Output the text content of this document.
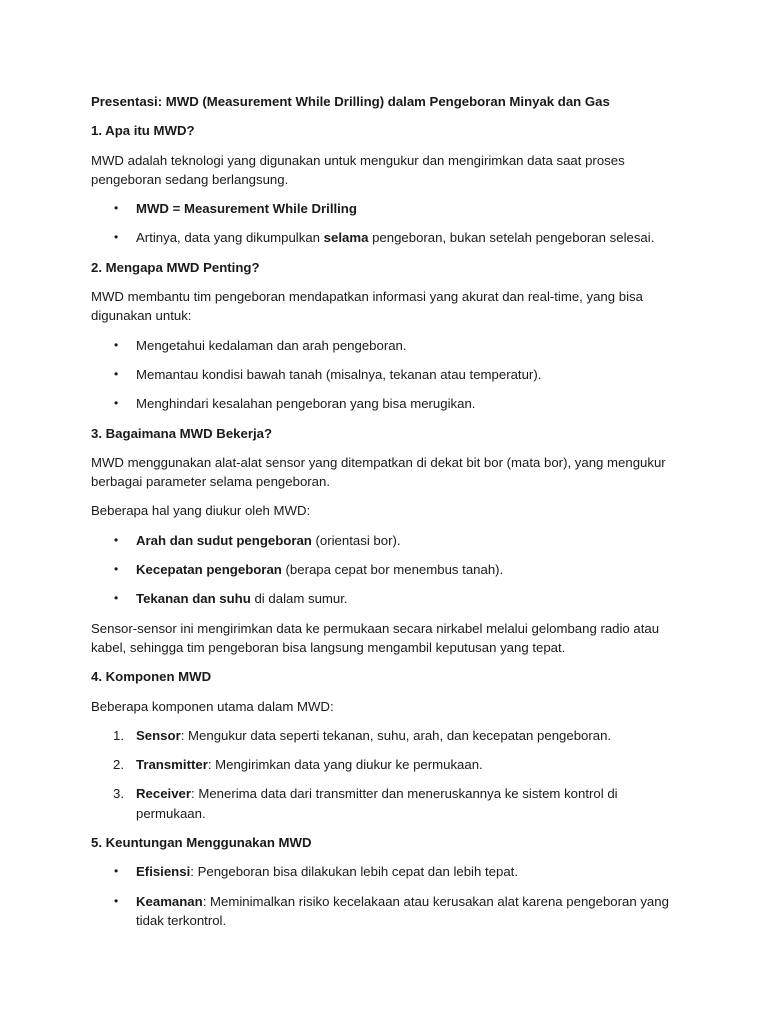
Presentasi: MWD (Measurement While Drilling) dalam Pengeboran Minyak dan Gas
1. Apa itu MWD?

MWD adalah teknologi yang digunakan untuk mengukur dan mengirimkan data saat proses pengeboran sedang berlangsung.

• MWD = Measurement While Drilling
• Artinya, data yang dikumpulkan selama pengeboran, bukan setelah pengeboran selesai.
2. Mengapa MWD Penting?

MWD membantu tim pengeboran mendapatkan informasi yang akurat dan real-time, yang bisa digunakan untuk:

• Mengetahui kedalaman dan arah pengeboran.
• Memantau kondisi bawah tanah (misalnya, tekanan atau temperatur).
• Menghindari kesalahan pengeboran yang bisa merugikan.
3. Bagaimana MWD Bekerja?

MWD menggunakan alat-alat sensor yang ditempatkan di dekat bit bor (mata bor), yang mengukur berbagai parameter selama pengeboran.

Beberapa hal yang diukur oleh MWD:

• Arah dan sudut pengeboran (orientasi bor).
• Kecepatan pengeboran (berapa cepat bor menembus tanah).
• Tekanan dan suhu di dalam sumur.

Sensor-sensor ini mengirimkan data ke permukaan secara nirkabel melalui gelombang radio atau kabel, sehingga tim pengeboran bisa langsung mengambil keputusan yang tepat.

4. Komponen MWD

Beberapa komponen utama dalam MWD:

1. Sensor: Mengukur data seperti tekanan, suhu, arah, dan kecepatan pengeboran.
2. Transmitter: Mengirimkan data yang diukur ke permukaan.
3. Receiver: Menerima data dari transmitter dan meneruskannya ke sistem kontrol di permukaan.
5. Keuntungan Menggunakan MWD
• Efisiensi: Pengeboran bisa dilakukan lebih cepat dan lebih tepat.
• Keamanan: Meminimalkan risiko kecelakaan atau kerusakan alat karena pengeboran yang tidak terkontrol.
